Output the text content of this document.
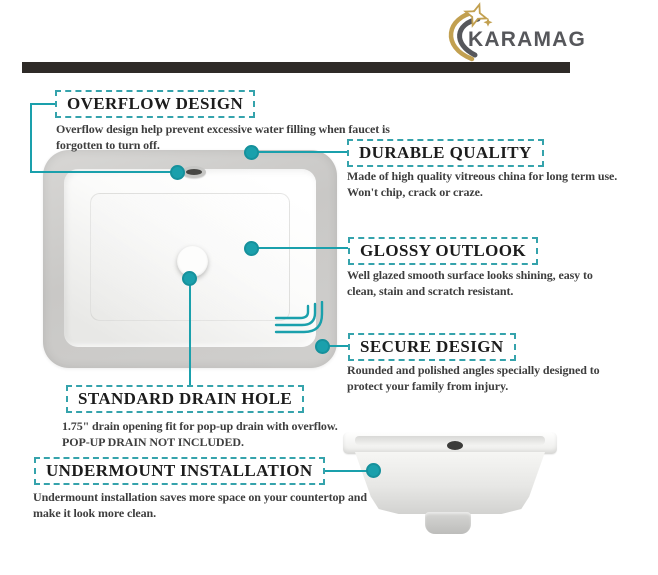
KARAMAG
OVERFLOW DESIGN
Overflow design help prevent excessive water filling when faucet is forgotten to turn off.	DURABLE QUALITY
Made of high quality vitreous china for long term use. Won't chip, crack or craze.
GLOSSY OUTLOOK
Well glazed smooth surface looks shining, easy to clean, stain and scratch resistant.
SECURE DESIGN
Rounded and polished angles specially designed to protect your family from injury.
STANDARD DRAIN HOLE
1.75" drain opening fit for pop-up drain with overflow. POP-UP DRAIN NOT INCLUDED.
UNDERMOUNT INSTALLATION
Undermount installation saves more space on your countertop and make it look more clean.
